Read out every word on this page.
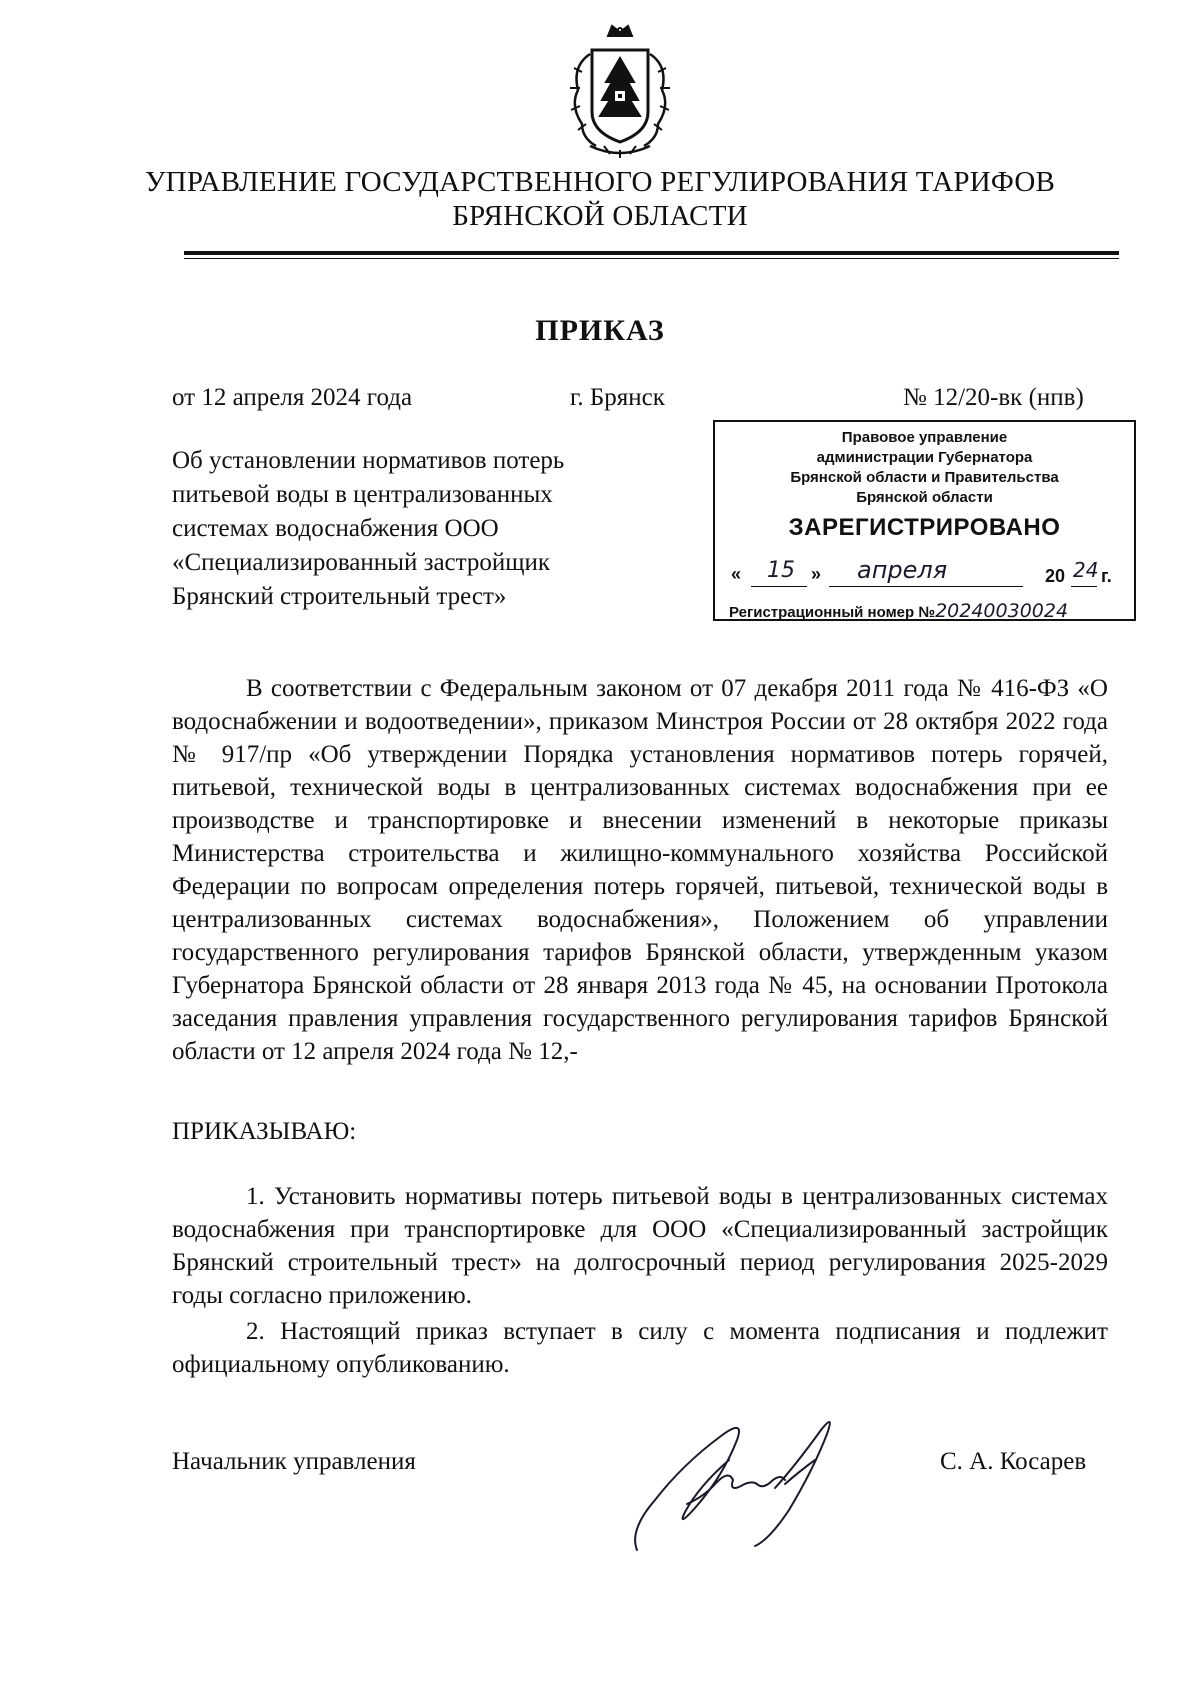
УПРАВЛЕНИЕ ГОСУДАРСТВЕННОГО РЕГУЛИРОВАНИЯ ТАРИФОВ
БРЯНСКОЙ ОБЛАСТИ
ПРИКАЗ
от 12 апреля 2024 года	г. Брянск	№ 12/20-вк (нпв)
Об установлении нормативов потерь питьевой воды в централизованных системах водоснабжения ООО «Специализированный застройщик Брянский строительный трест»
Правовое управление
администрации Губернатора
Брянской области и Правительства
Брянской области
ЗАРЕГИСТРИРОВАНО
« 15 » апреля	20 24 г.
Регистрационный номер №20240030024
В соответствии с Федеральным законом от 07 декабря 2011 года № 416-ФЗ «О водоснабжении и водоотведении», приказом Минстроя России от 28 октября 2022 года № 917/пр «Об утверждении Порядка установления нормативов потерь горячей, питьевой, технической воды в централизованных системах водоснабжения при ее производстве и транспортировке и внесении изменений в некоторые приказы Министерства строительства и жилищно-коммунального хозяйства Российской Федерации по вопросам определения потерь горячей, питьевой, технической воды в централизованных системах водоснабжения», Положением об управлении государственного регулирования тарифов Брянской области, утвержденным указом Губернатора Брянской области от 28 января 2013 года № 45, на основании Протокола заседания правления управления государственного регулирования тарифов Брянской области от 12 апреля 2024 года № 12,-
ПРИКАЗЫВАЮ:
1. Установить нормативы потерь питьевой воды в централизованных системах водоснабжения при транспортировке для ООО «Специализированный застройщик Брянский строительный трест» на долгосрочный период регулирования 2025-2029 годы согласно приложению.
2. Настоящий приказ вступает в силу с момента подписания и подлежит официальному опубликованию.
Начальник управления	С. А. Косарев
